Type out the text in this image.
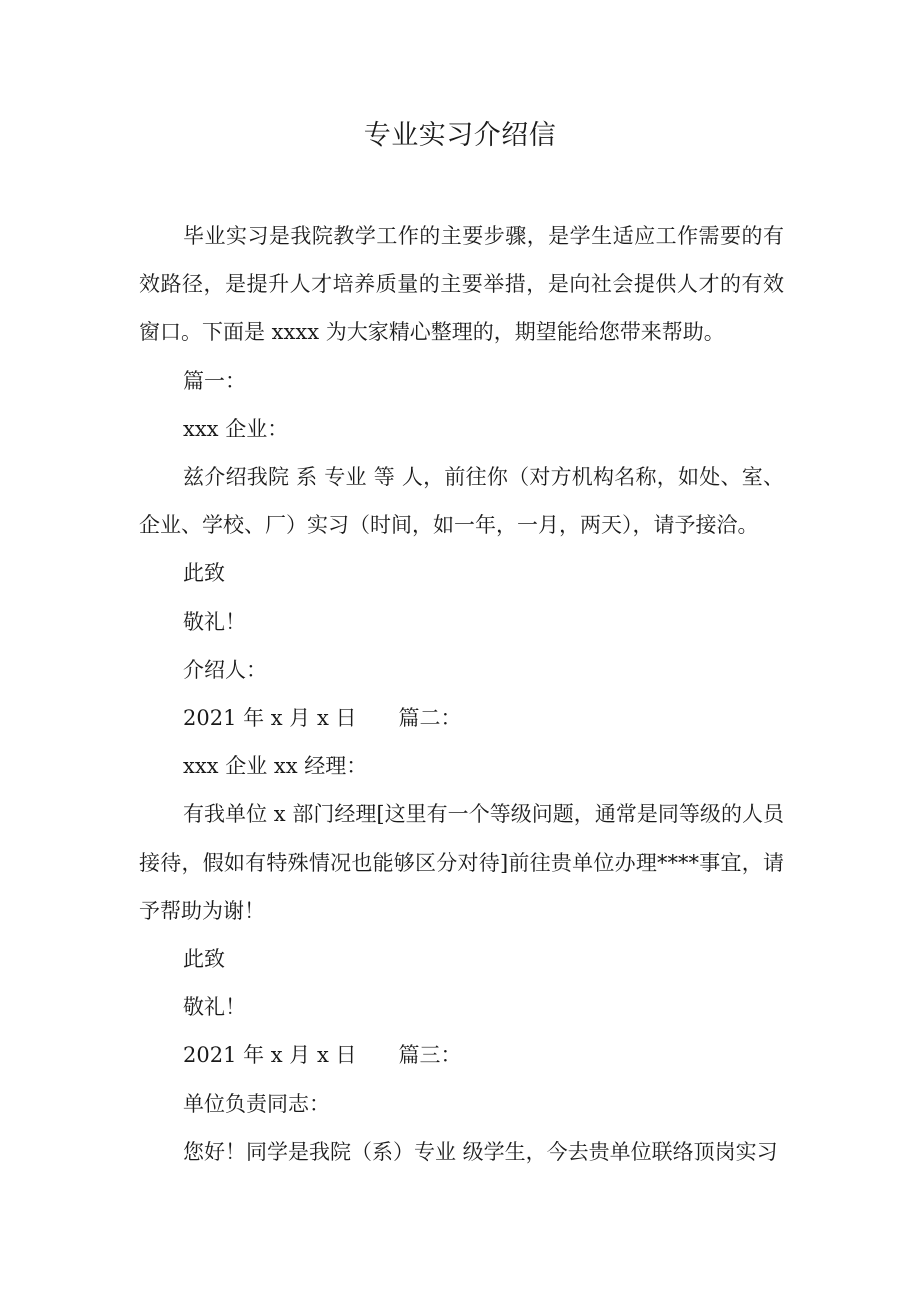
专业实习介绍信

毕业实习是我院教学工作的主要步骤，是学生适应工作需要的有效路径，是提升人才培养质量的主要举措，是向社会提供人才的有效窗口。下面是 xxxx 为大家精心整理的，期望能给您带来帮助。

篇一：

xxx 企业：

兹介绍我院 系 专业 等 人，前往你（对方机构名称，如处、室、企业、学校、厂）实习（时间，如一年，一月，两天），请予接洽。

此致

敬礼！

介绍人：

2021 年 x 月 x 日 篇二：

xxx 企业 xx 经理：

有我单位 x 部门经理[这里有一个等级问题，通常是同等级的人员接待，假如有特殊情况也能够区分对待]前往贵单位办理****事宜，请予帮助为谢！

此致

敬礼！

2021 年 x 月 x 日 篇三：

单位负责同志：

您好！同学是我院（系）专业 级学生，今去贵单位联络顶岗实习
